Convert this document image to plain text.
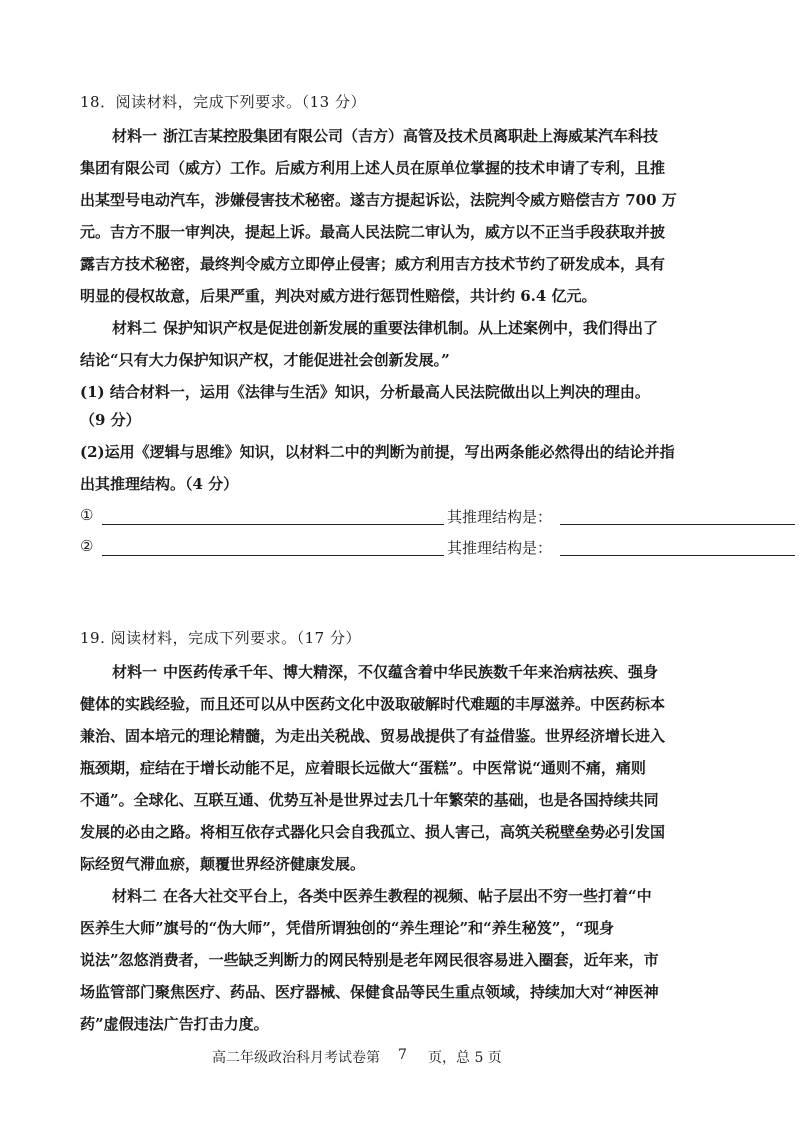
18．阅读材料，完成下列要求。（13 分）
材料一 浙江吉某控股集团有限公司（吉方）高管及技术员离职赴上海威某汽车科技
集团有限公司（威方）工作。后威方利用上述人员在原单位掌握的技术申请了专利，且推
出某型号电动汽车，涉嫌侵害技术秘密。遂吉方提起诉讼，法院判令威方赔偿吉方 700 万
元。吉方不服一审判决，提起上诉。最高人民法院二审认为，威方以不正当手段获取并披
露吉方技术秘密，最终判令威方立即停止侵害；威方利用吉方技术节约了研发成本，具有
明显的侵权故意，后果严重，判决对威方进行惩罚性赔偿，共计约 6.4 亿元。
材料二 保护知识产权是促进创新发展的重要法律机制。从上述案例中，我们得出了
结论“只有大力保护知识产权，才能促进社会创新发展。”
(1) 结合材料一，运用《法律与生活》知识，分析最高人民法院做出以上判决的理由。
（9 分）
(2)运用《逻辑与思维》知识，以材料二中的判断为前提，写出两条能必然得出的结论并指
出其推理结构。（4 分）
①	其推理结构是：
②	其推理结构是：
19. 阅读材料，完成下列要求。（17 分）
材料一 中医药传承千年、博大精深，不仅蕴含着中华民族数千年来治病祛疾、强身
健体的实践经验，而且还可以从中医药文化中汲取破解时代难题的丰厚滋养。中医药标本
兼治、固本培元的理论精髓，为走出关税战、贸易战提供了有益借鉴。世界经济增长进入
瓶颈期，症结在于增长动能不足，应着眼长远做大“蛋糕”。中医常说“通则不痛，痛则
不通”。全球化、互联互通、优势互补是世界过去几十年繁荣的基础，也是各国持续共同
发展的必由之路。将相互依存式器化只会自我孤立、损人害己，高筑关税壁垒势必引发国
际经贸气滞血瘀，颠覆世界经济健康发展。
材料二 在各大社交平台上，各类中医养生教程的视频、帖子层出不穷一些打着“中
医养生大师”旗号的“伪大师”，凭借所谓独创的“养生理论”和“养生秘笈”，“现身
说法”忽悠消费者，一些缺乏判断力的网民特别是老年网民很容易进入圈套，近年来，市
场监管部门聚焦医疗、药品、医疗器械、保健食品等民生重点领域，持续加大对“神医神
药”虚假违法广告打击力度。
高二年级政治科月考试卷第 7 页，总 5 页
